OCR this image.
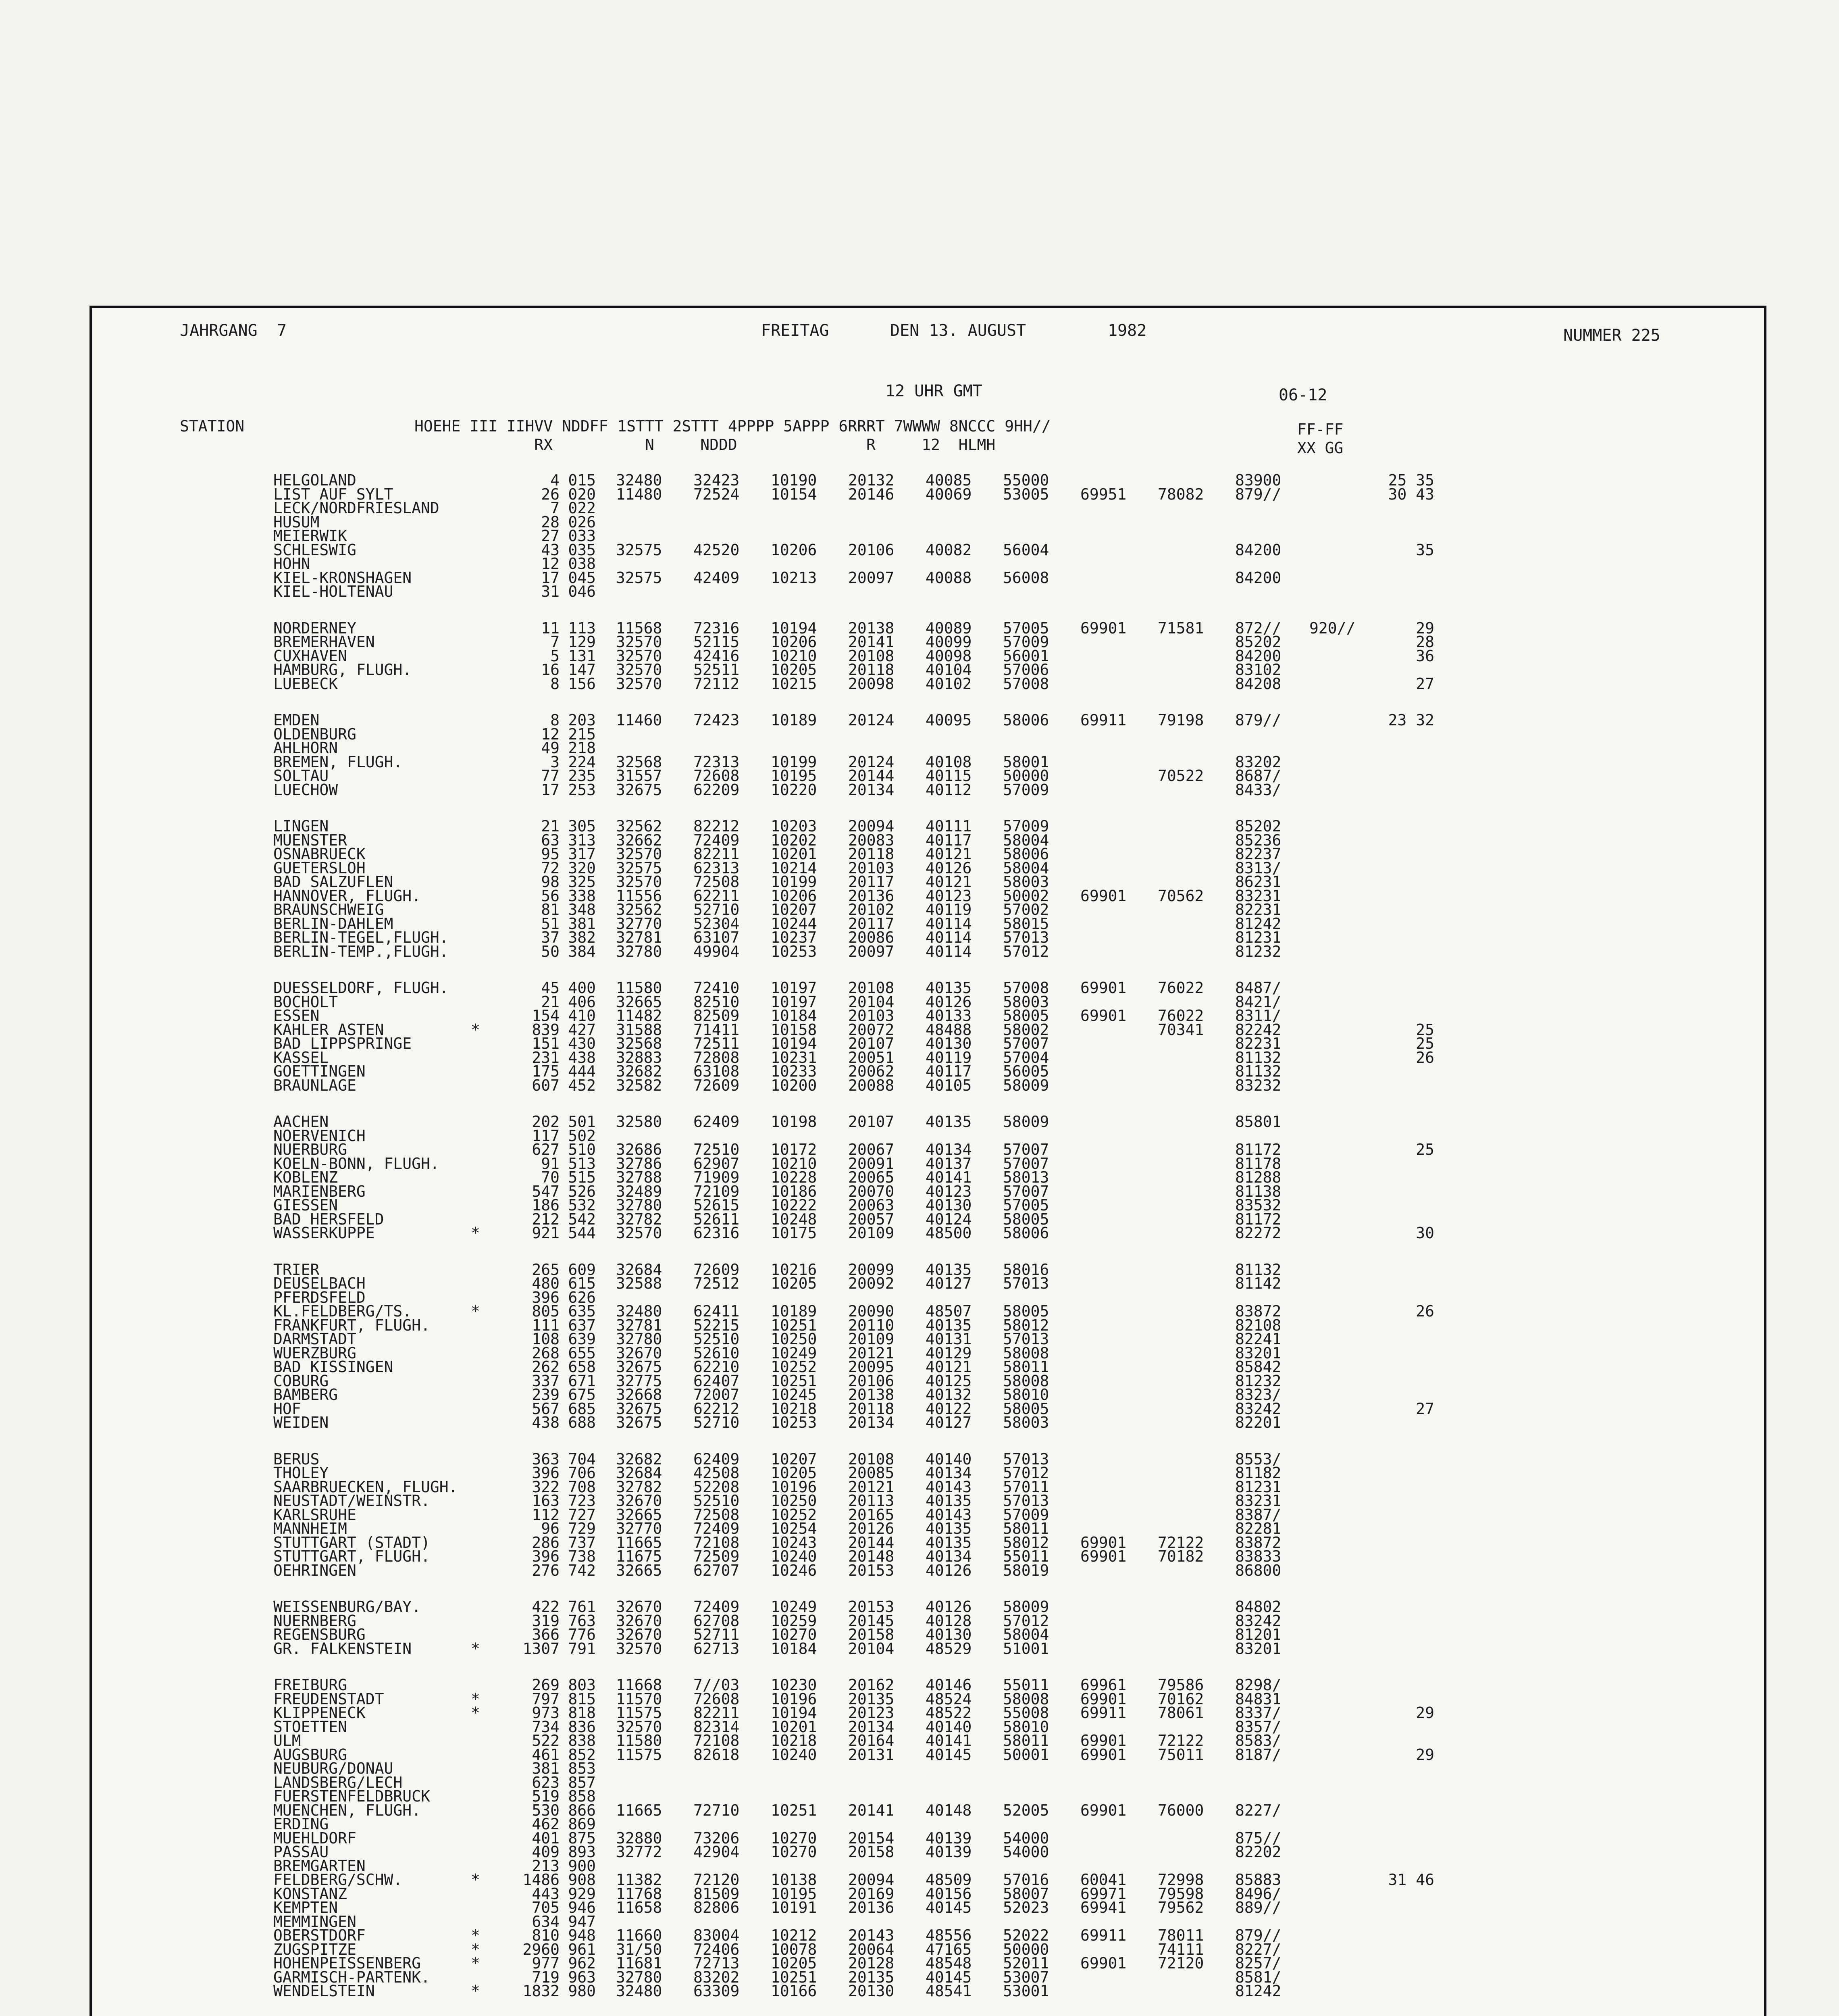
JAHRGANG  7	FREITAG	DEN 13. AUGUST	1982	NUMMER 225
12 UHR GMT	06-12
STATION	HOEHE III IIHVV NDDFF 1STTT 2STTT 4PPPP 5APPP 6RRRT 7WWWW 8NCCC 9HH//
RX          N     NDDD              R     12  HLMH
FF-FF
XX GG
HELGOLAND	4 015 32480 32423 10190 20132 40085 55000	83900	25 35
LIST AUF SYLT	26 020 11480 72524 10154 20146 40069 53005 69951 78082 879//	30 43
LECK/NORDFRIESLAND	7 022
HUSUM	28 026
MEIERWIK	27 033
SCHLESWIG	43 035 32575 42520 10206 20106 40082 56004	84200	35
HOHN	12 038
KIEL-KRONSHAGEN	17 045 32575 42409 10213 20097 40088 56008	84200
KIEL-HOLTENAU	31 046
NORDERNEY	11 113 11568 72316 10194 20138 40089 57005 69901 71581 872// 920//	29
BREMERHAVEN	7 129 32570 52115 10206 20141 40099 57009	85202	28
CUXHAVEN	5 131 32570 42416 10210 20108 40098 56001	84200	36
HAMBURG, FLUGH.	16 147 32570 52511 10205 20118 40104 57006	83102
LUEBECK	8 156 32570 72112 10215 20098 40102 57008	84208	27
EMDEN	8 203 11460 72423 10189 20124 40095 58006 69911 79198 879//	23 32
OLDENBURG	12 215
AHLHORN	49 218
BREMEN, FLUGH.	3 224 32568 72313 10199 20124 40108 58001	83202
SOLTAU	77 235 31557 72608 10195 20144 40115 50000	70522 8687/
LUECHOW	17 253 32675 62209 10220 20134 40112 57009	8433/
LINGEN	21 305 32562 82212 10203 20094 40111 57009	85202
MUENSTER	63 313 32662 72409 10202 20083 40117 58004	85236
OSNABRUECK	95 317 32570 82211 10201 20118 40121 58006	82237
GUETERSLOH	72 320 32575 62313 10214 20103 40126 58004	8313/
BAD SALZUFLEN	98 325 32570 72508 10199 20117 40121 58003	86231
HANNOVER, FLUGH.	56 338 11556 62211 10206 20136 40123 50002 69901 70562 83231
BRAUNSCHWEIG	81 348 32562 52710 10207 20102 40119 57002	82231
BERLIN-DAHLEM	51 381 32770 52304 10244 20117 40114 58015	81242
BERLIN-TEGEL,FLUGH.	37 382 32781 63107 10237 20086 40114 57013	81231
BERLIN-TEMP.,FLUGH.	50 384 32780 49904 10253 20097 40114 57012	81232
DUESSELDORF, FLUGH.	45 400 11580 72410 10197 20108 40135 57008 69901 76022 8487/
BOCHOLT	21 406 32665 82510 10197 20104 40126 58003	8421/
ESSEN	154 410 11482 82509 10184 20103 40133 58005 69901 76022 8311/
KAHLER ASTEN	*	839 427 31588 71411 10158 20072 48488 58002	70341 82242	25
BAD LIPPSPRINGE	151 430 32568 72511 10194 20107 40130 57007	82231	25
KASSEL	231 438 32883 72808 10231 20051 40119 57004	81132	26
GOETTINGEN	175 444 32682 63108 10233 20062 40117 56005	81132
BRAUNLAGE	607 452 32582 72609 10200 20088 40105 58009	83232
AACHEN	202 501 32580 62409 10198 20107 40135 58009	85801
NOERVENICH	117 502
NUERBURG	627 510 32686 72510 10172 20067 40134 57007	81172	25
KOELN-BONN, FLUGH.	91 513 32786 62907 10210 20091 40137 57007	81178
KOBLENZ	70 515 32788 71909 10228 20065 40141 58013	81288
MARIENBERG	547 526 32489 72109 10186 20070 40123 57007	81138
GIESSEN	186 532 32780 52615 10222 20063 40130 57005	83532
BAD HERSFELD	212 542 32782 52611 10248 20057 40124 58005	81172
WASSERKUPPE	*	921 544 32570 62316 10175 20109 48500 58006	82272	30
TRIER	265 609 32684 72609 10216 20099 40135 58016	81132
DEUSELBACH	480 615 32588 72512 10205 20092 40127 57013	81142
PFERDSFELD	396 626
KL.FELDBERG/TS.	*	805 635 32480 62411 10189 20090 48507 58005	83872	26
FRANKFURT, FLUGH.	111 637 32781 52215 10251 20110 40135 58012	82108
DARMSTADT	108 639 32780 52510 10250 20109 40131 57013	82241
WUERZBURG	268 655 32670 52610 10249 20121 40129 58008	83201
BAD KISSINGEN	262 658 32675 62210 10252 20095 40121 58011	85842
COBURG	337 671 32775 62407 10251 20106 40125 58008	81232
BAMBERG	239 675 32668 72007 10245 20138 40132 58010	8323/
HOF	567 685 32675 62212 10218 20118 40122 58005	83242	27
WEIDEN	438 688 32675 52710 10253 20134 40127 58003	82201
BERUS	363 704 32682 62409 10207 20108 40140 57013	8553/
THOLEY	396 706 32684 42508 10205 20085 40134 57012	81182
SAARBRUECKEN, FLUGH.	322 708 32782 52208 10196 20121 40143 57011	81231
NEUSTADT/WEINSTR.	163 723 32670 52510 10250 20113 40135 57013	83231
KARLSRUHE	112 727 32665 72508 10252 20165 40143 57009	8387/
MANNHEIM	96 729 32770 72409 10254 20126 40135 58011	82281
STUTTGART (STADT)	286 737 11665 72108 10243 20144 40135 58012 69901 72122 83872
STUTTGART, FLUGH.	396 738 11675 72509 10240 20148 40134 55011 69901 70182 83833
OEHRINGEN	276 742 32665 62707 10246 20153 40126 58019	86800
WEISSENBURG/BAY.	422 761 32670 72409 10249 20153 40126 58009	84802
NUERNBERG	319 763 32670 62708 10259 20145 40128 57012	83242
REGENSBURG	366 776 32670 52711 10270 20158 40130 58004	81201
GR. FALKENSTEIN	*	1307 791 32570 62713 10184 20104 48529 51001	83201
FREIBURG	269 803 11668 7//03 10230 20162 40146 55011 69961 79586 8298/
FREUDENSTADT	*	797 815 11570 72608 10196 20135 48524 58008 69901 70162 84831
KLIPPENECK	*	973 818 11575 82211 10194 20123 48522 55008 69911 78061 8337/	29
STOETTEN	734 836 32570 82314 10201 20134 40140 58010	8357/
ULM	522 838 11580 72108 10218 20164 40141 58011 69901 72122 8583/
AUGSBURG	461 852 11575 82618 10240 20131 40145 50001 69901 75011 8187/	29
NEUBURG/DONAU	381 853
LANDSBERG/LECH	623 857
FUERSTENFELDBRUCK	519 858
MUENCHEN, FLUGH.	530 866 11665 72710 10251 20141 40148 52005 69901 76000 8227/
ERDING	462 869
MUEHLDORF	401 875 32880 73206 10270 20154 40139 54000	875//
PASSAU	409 893 32772 42904 10270 20158 40139 54000	82202
BREMGARTEN	213 900
FELDBERG/SCHW.	*	1486 908 11382 72120 10138 20094 48509 57016 60041 72998 85883	31 46
KONSTANZ	443 929 11768 81509 10195 20169 40156 58007 69971 79598 8496/
KEMPTEN	705 946 11658 82806 10191 20136 40145 52023 69941 79562 889//
MEMMINGEN	634 947
OBERSTDORF	*	810 948 11660 83004 10212 20143 48556 52022 69911 78011 879//
ZUGSPITZE	*	2960 961 31/50 72406 10078 20064 47165 50000	74111 8227/
HOHENPEISSENBERG	*	977 962 11681 72713 10205 20128 48548 52011 69901 72120 8257/
GARMISCH-PARTENK.	719 963 32780 83202 10251 20135 40145 53007	8581/
WENDELSTEIN	*	1832 980 32480 63309 10166 20130 48541 53001	81242
